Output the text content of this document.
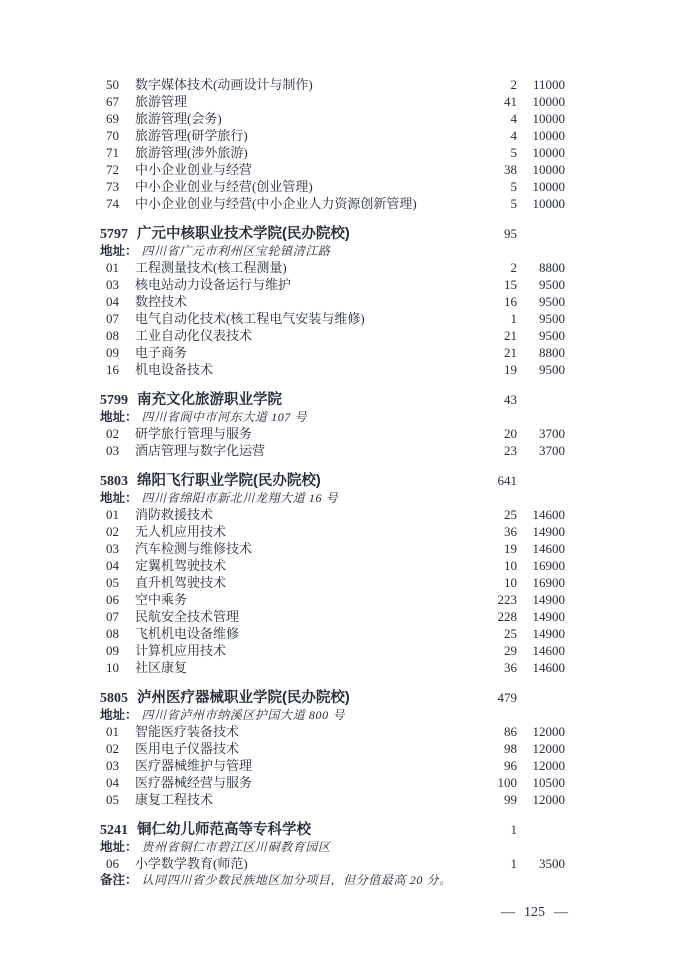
50	数字媒体技术(动画设计与制作)	2	11000
67	旅游管理	41	10000
69	旅游管理(会务)	4	10000
70	旅游管理(研学旅行)	4	10000
71	旅游管理(涉外旅游)	5	10000
72	中小企业创业与经营	38	10000
73	中小企业创业与经营(创业管理)	5	10000
74	中小企业创业与经营(中小企业人力资源创新管理)	5	10000
5797 广元中核职业技术学院(民办院校)	95
地址： 四川省广元市利州区宝轮镇清江路
01	工程测量技术(核工程测量)	2	8800
03	核电站动力设备运行与维护	15	9500
04	数控技术	16	9500
07	电气自动化技术(核工程电气安装与维修)	1	9500
08	工业自动化仪表技术	21	9500
09	电子商务	21	8800
16	机电设备技术	19	9500
5799 南充文化旅游职业学院	43
地址： 四川省阆中市河东大道 107 号
02	研学旅行管理与服务	20	3700
03	酒店管理与数字化运营	23	3700
5803 绵阳飞行职业学院(民办院校)	641
地址： 四川省绵阳市新北川龙翔大道 16 号
01	消防救援技术	25	14600
02	无人机应用技术	36	14900
03	汽车检测与维修技术	19	14600
04	定翼机驾驶技术	10	16900
05	直升机驾驶技术	10	16900
06	空中乘务	223	14900
07	民航安全技术管理	228	14900
08	飞机机电设备维修	25	14900
09	计算机应用技术	29	14600
10	社区康复	36	14600
5805 泸州医疗器械职业学院(民办院校)	479
地址： 四川省泸州市纳溪区护国大道 800 号
01	智能医疗装备技术	86	12000
02	医用电子仪器技术	98	12000
03	医疗器械维护与管理	96	12000
04	医疗器械经营与服务	100	10500
05	康复工程技术	99	12000
5241 铜仁幼儿师范高等专科学校	1
地址： 贵州省铜仁市碧江区川硐教育园区
06	小学数学教育(师范)	1	3500
备注： 认同四川省少数民族地区加分项目，但分值最高 20 分。
— 125 —
